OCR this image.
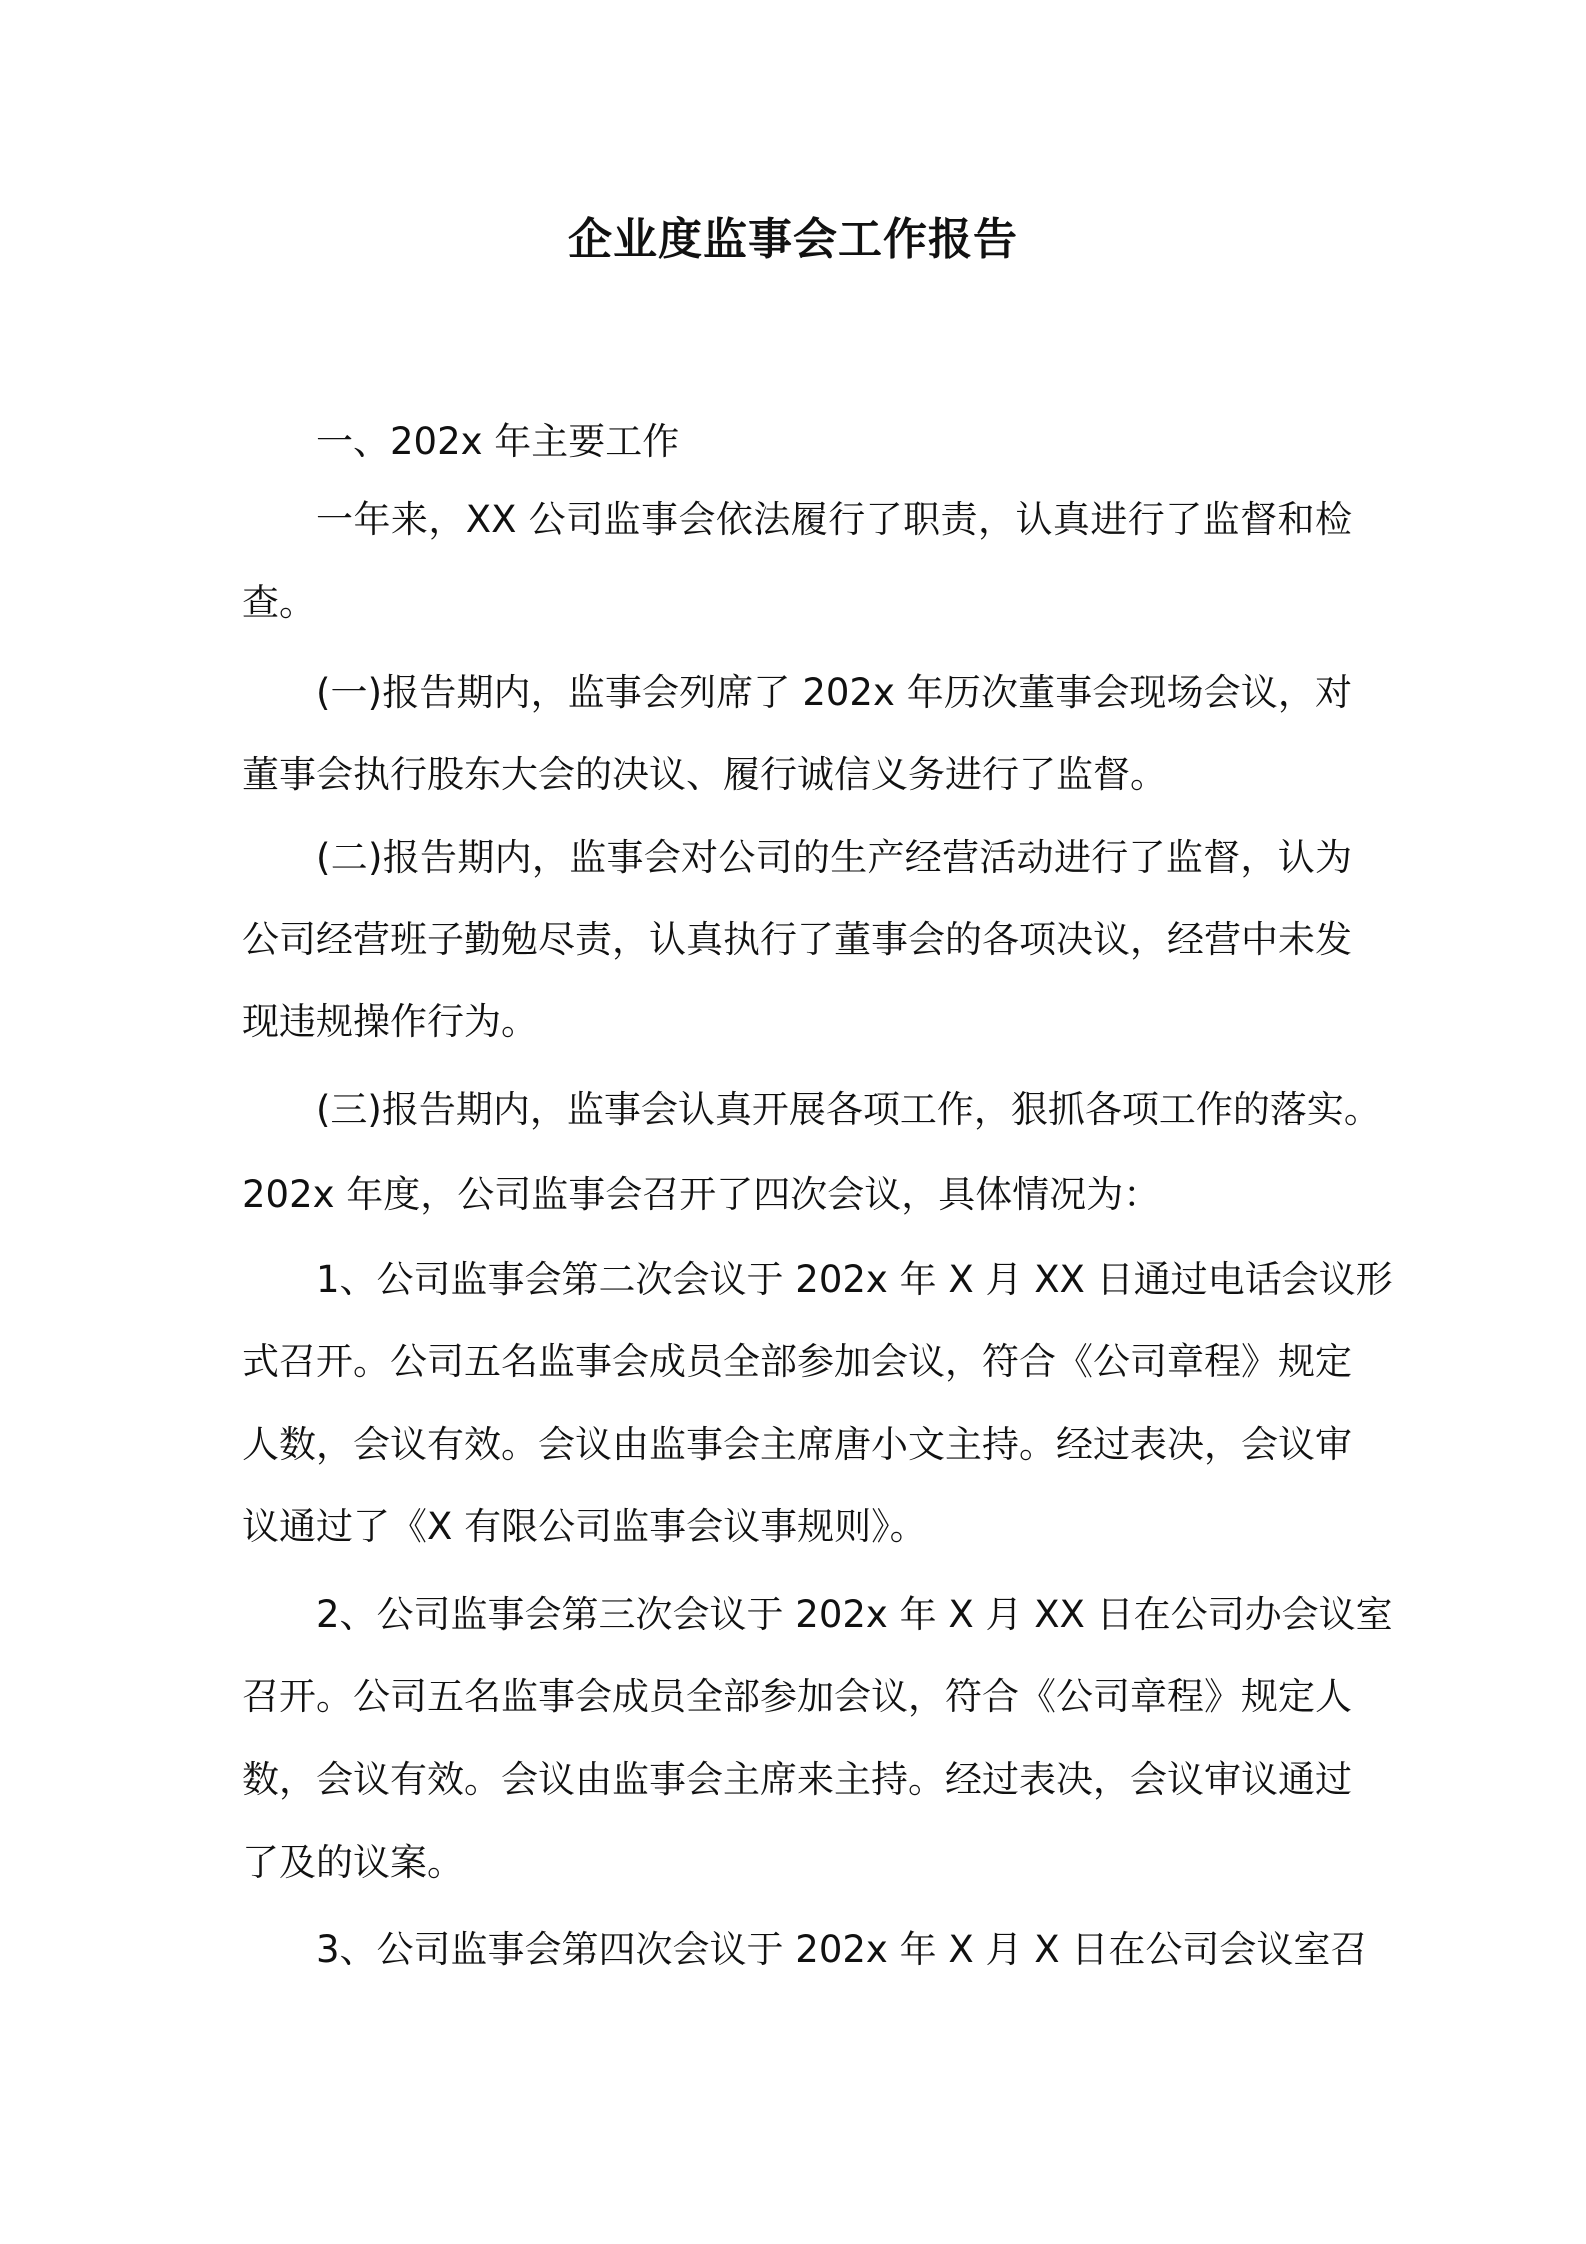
企业度监事会工作报告
一、202x 年主要工作
一年来，XX 公司监事会依法履行了职责，认真进行了监督和检
查。
(一)报告期内，监事会列席了 202x 年历次董事会现场会议，对
董事会执行股东大会的决议、履行诚信义务进行了监督。
(二)报告期内，监事会对公司的生产经营活动进行了监督，认为
公司经营班子勤勉尽责，认真执行了董事会的各项决议，经营中未发
现违规操作行为。
(三)报告期内，监事会认真开展各项工作，狠抓各项工作的落实。
202x 年度，公司监事会召开了四次会议，具体情况为：
1、公司监事会第二次会议于 202x 年 X 月 XX 日通过电话会议形
式召开。公司五名监事会成员全部参加会议，符合《公司章程》规定
人数，会议有效。会议由监事会主席唐小文主持。经过表决，会议审
议通过了《X 有限公司监事会议事规则》。
2、公司监事会第三次会议于 202x 年 X 月 XX 日在公司办会议室
召开。公司五名监事会成员全部参加会议，符合《公司章程》规定人
数，会议有效。会议由监事会主席来主持。经过表决，会议审议通过
了及的议案。
3、公司监事会第四次会议于 202x 年 X 月 X 日在公司会议室召
